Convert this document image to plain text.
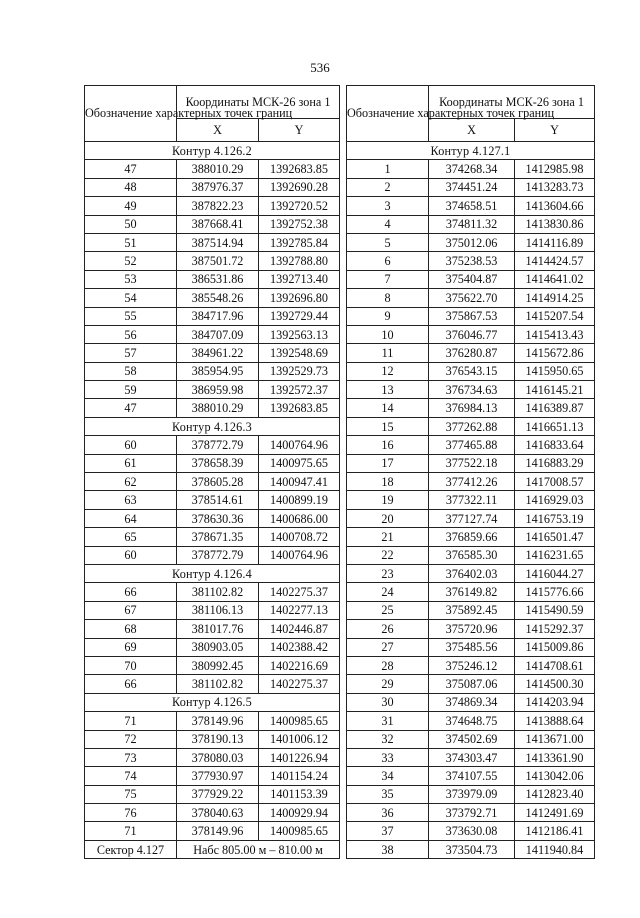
536
Обозначение характерных точек границ	Координаты МСК-26 зона 1	
	X	Y
Контур 4.126.2		
47	388010.29	1392683.85
48	387976.37	1392690.28
49	387822.23	1392720.52
50	387668.41	1392752.38
51	387514.94	1392785.84
52	387501.72	1392788.80
53	386531.86	1392713.40
54	385548.26	1392696.80
55	384717.96	1392729.44
56	384707.09	1392563.13
57	384961.22	1392548.69
58	385954.95	1392529.73
59	386959.98	1392572.37
47	388010.29	1392683.85
Контур 4.126.3		
60	378772.79	1400764.96
61	378658.39	1400975.65
62	378605.28	1400947.41
63	378514.61	1400899.19
64	378630.36	1400686.00
65	378671.35	1400708.72
60	378772.79	1400764.96
Контур 4.126.4		
66	381102.82	1402275.37
67	381106.13	1402277.13
68	381017.76	1402446.87
69	380903.05	1402388.42
70	380992.45	1402216.69
66	381102.82	1402275.37
Контур 4.126.5		
71	378149.96	1400985.65
72	378190.13	1401006.12
73	378080.03	1401226.94
74	377930.97	1401154.24
75	377929.22	1401153.39
76	378040.63	1400929.94
71	378149.96	1400985.65
Сектор 4.127	Набс 805.00 м – 810.00 м	
Обозначение характерных точек границ	Координаты МСК-26 зона 1	
	X	Y
Контур 4.127.1		
1	374268.34	1412985.98
2	374451.24	1413283.73
3	374658.51	1413604.66
4	374811.32	1413830.86
5	375012.06	1414116.89
6	375238.53	1414424.57
7	375404.87	1414641.02
8	375622.70	1414914.25
9	375867.53	1415207.54
10	376046.77	1415413.43
11	376280.87	1415672.86
12	376543.15	1415950.65
13	376734.63	1416145.21
14	376984.13	1416389.87
15	377262.88	1416651.13
16	377465.88	1416833.64
17	377522.18	1416883.29
18	377412.26	1417008.57
19	377322.11	1416929.03
20	377127.74	1416753.19
21	376859.66	1416501.47
22	376585.30	1416231.65
23	376402.03	1416044.27
24	376149.82	1415776.66
25	375892.45	1415490.59
26	375720.96	1415292.37
27	375485.56	1415009.86
28	375246.12	1414708.61
29	375087.06	1414500.30
30	374869.34	1414203.94
31	374648.75	1413888.64
32	374502.69	1413671.00
33	374303.47	1413361.90
34	374107.55	1413042.06
35	373979.09	1412823.40
36	373792.71	1412491.69
37	373630.08	1412186.41
38	373504.73	1411940.84
